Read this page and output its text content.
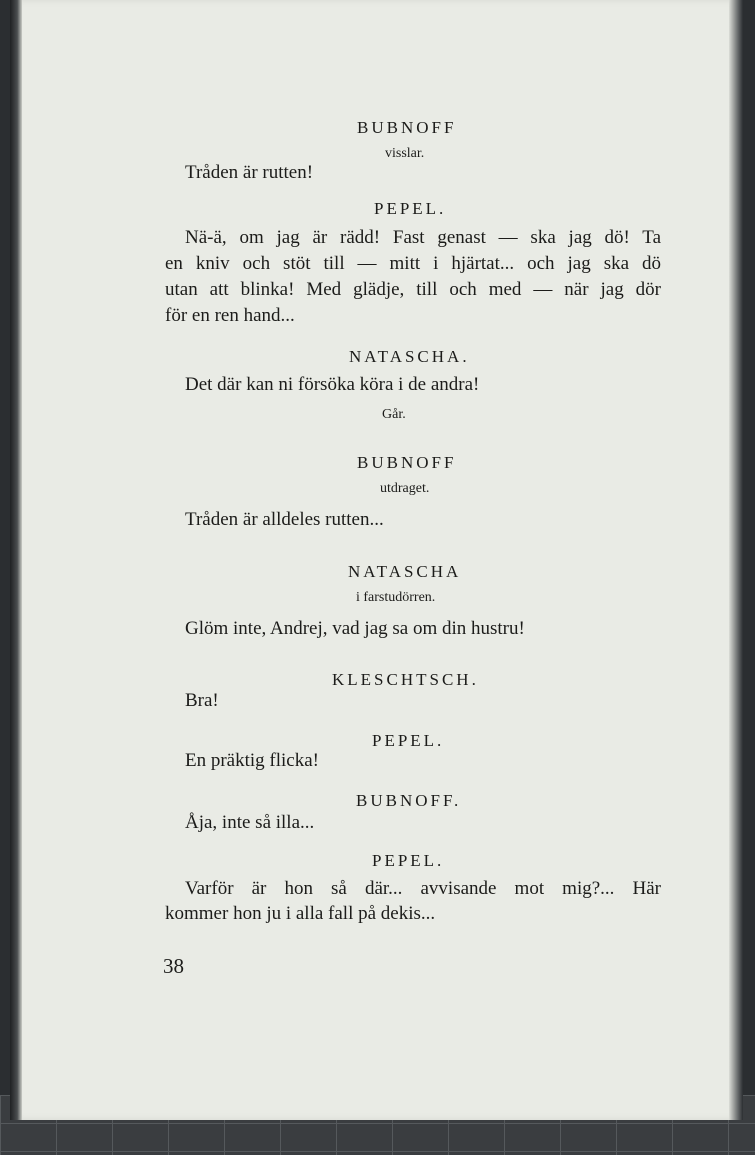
BUBNOFF
visslar.
Tråden är rutten!
PEPEL.
Nä-ä, om jag är rädd! Fast genast — ska jag dö! Ta
en kniv och stöt till — mitt i hjärtat... och jag ska dö
utan att blinka! Med glädje, till och med — när jag dör
för en ren hand...
NATASCHA.
Det där kan ni försöka köra i de andra!
Går.
BUBNOFF
utdraget.
Tråden är alldeles rutten...
NATASCHA
i farstudörren.
Glöm inte, Andrej, vad jag sa om din hustru!
KLESCHTSCH.
Bra!
PEPEL.
En präktig flicka!
BUBNOFF.
Åja, inte så illa...
PEPEL.
Varför är hon så där... avvisande mot mig?... Här
kommer hon ju i alla fall på dekis...
38
